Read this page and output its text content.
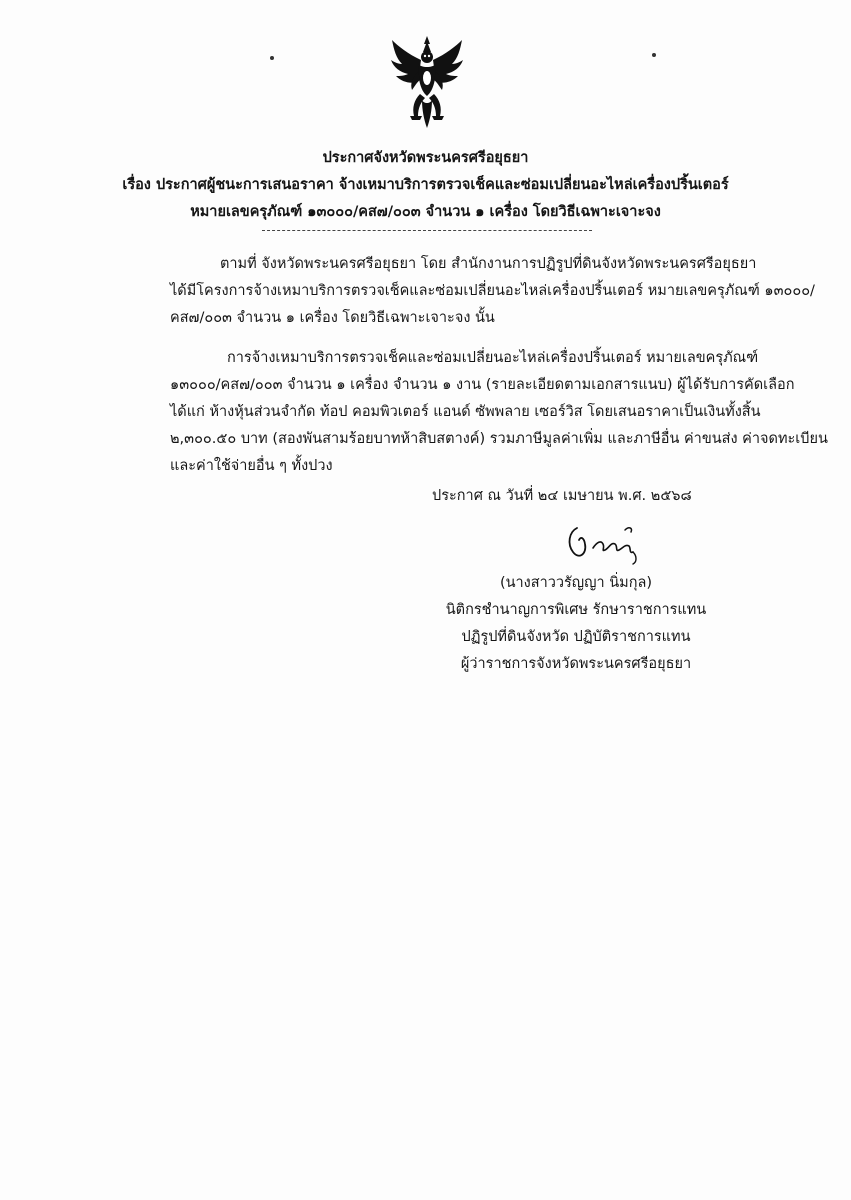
ประกาศจังหวัดพระนครศรีอยุธยา
เรื่อง ประกาศผู้ชนะการเสนอราคา จ้างเหมาบริการตรวจเช็คและซ่อมเปลี่ยนอะไหล่เครื่องปริ้นเตอร์
หมายเลขครุภัณฑ์ ๑๓๐๐๐/คส๗/๐๐๓ จำนวน ๑ เครื่อง โดยวิธีเฉพาะเจาะจง
ตามที่ จังหวัดพระนครศรีอยุธยา โดย สำนักงานการปฏิรูปที่ดินจังหวัดพระนครศรีอยุธยา
ได้มีโครงการจ้างเหมาบริการตรวจเช็คและซ่อมเปลี่ยนอะไหล่เครื่องปริ้นเตอร์ หมายเลขครุภัณฑ์ ๑๓๐๐๐/
คส๗/๐๐๓ จำนวน ๑ เครื่อง โดยวิธีเฉพาะเจาะจง นั้น
การจ้างเหมาบริการตรวจเช็คและซ่อมเปลี่ยนอะไหล่เครื่องปริ้นเตอร์ หมายเลขครุภัณฑ์
๑๓๐๐๐/คส๗/๐๐๓ จำนวน ๑ เครื่อง จำนวน ๑ งาน (รายละเอียดตามเอกสารแนบ) ผู้ได้รับการคัดเลือก
ได้แก่ ห้างหุ้นส่วนจำกัด ท้อป คอมพิวเตอร์ แอนด์ ซัพพลาย เซอร์วิส โดยเสนอราคาเป็นเงินทั้งสิ้น
๒,๓๐๐.๕๐ บาท (สองพันสามร้อยบาทห้าสิบสตางค์) รวมภาษีมูลค่าเพิ่ม และภาษีอื่น ค่าขนส่ง ค่าจดทะเบียน
และค่าใช้จ่ายอื่น ๆ ทั้งปวง
ประกาศ ณ วันที่ ๒๔ เมษายน พ.ศ. ๒๕๖๘
(นางสาววรัญญา นิ่มกุล)
นิติกรชำนาญการพิเศษ รักษาราชการแทน
ปฏิรูปที่ดินจังหวัด ปฏิบัติราชการแทน
ผู้ว่าราชการจังหวัดพระนครศรีอยุธยา
